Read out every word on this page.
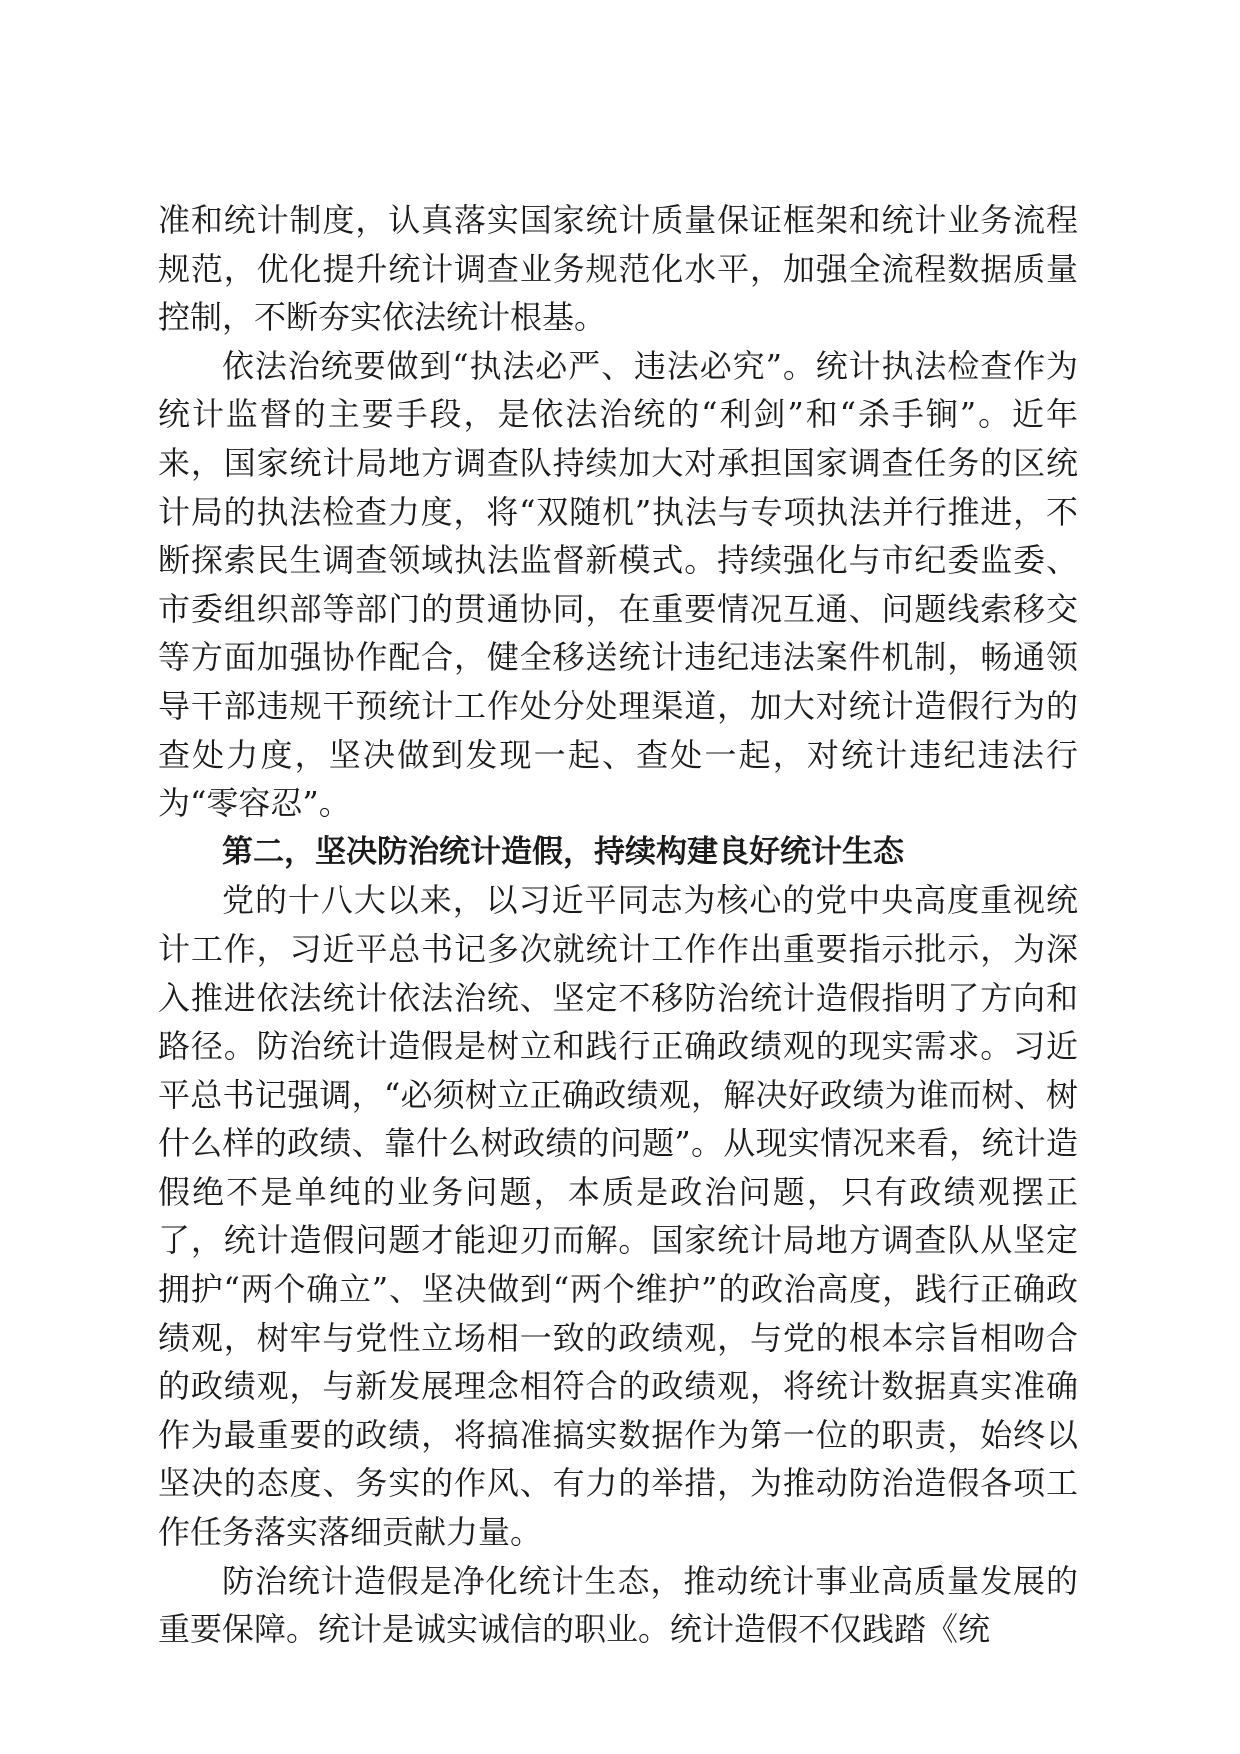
准和统计制度，认真落实国家统计质量保证框架和统计业务流程规范，优化提升统计调查业务规范化水平，加强全流程数据质量控制，不断夯实依法统计根基。

依法治统要做到“执法必严、违法必究”。统计执法检查作为统计监督的主要手段，是依法治统的“利剑”和“杀手锏”。近年来，国家统计局地方调查队持续加大对承担国家调查任务的区统计局的执法检查力度，将“双随机”执法与专项执法并行推进，不断探索民生调查领域执法监督新模式。持续强化与市纪委监委、市委组织部等部门的贯通协同，在重要情况互通、问题线索移交等方面加强协作配合，健全移送统计违纪违法案件机制，畅通领导干部违规干预统计工作处分处理渠道，加大对统计造假行为的查处力度，坚决做到发现一起、查处一起，对统计违纪违法行为“零容忍”。

第二，坚决防治统计造假，持续构建良好统计生态

党的十八大以来，以习近平同志为核心的党中央高度重视统计工作，习近平总书记多次就统计工作作出重要指示批示，为深入推进依法统计依法治统、坚定不移防治统计造假指明了方向和路径。防治统计造假是树立和践行正确政绩观的现实需求。习近平总书记强调，“必须树立正确政绩观，解决好政绩为谁而树、树什么样的政绩、靠什么树政绩的问题”。从现实情况来看，统计造假绝不是单纯的业务问题，本质是政治问题，只有政绩观摆正了，统计造假问题才能迎刃而解。国家统计局地方调查队从坚定拥护“两个确立”、坚决做到“两个维护”的政治高度，践行正确政绩观，树牢与党性立场相一致的政绩观，与党的根本宗旨相吻合的政绩观，与新发展理念相符合的政绩观，将统计数据真实准确作为最重要的政绩，将搞准搞实数据作为第一位的职责，始终以坚决的态度、务实的作风、有力的举措，为推动防治造假各项工作任务落实落细贡献力量。

防治统计造假是净化统计生态，推动统计事业高质量发展的重要保障。统计是诚实诚信的职业。统计造假不仅践踏《统
